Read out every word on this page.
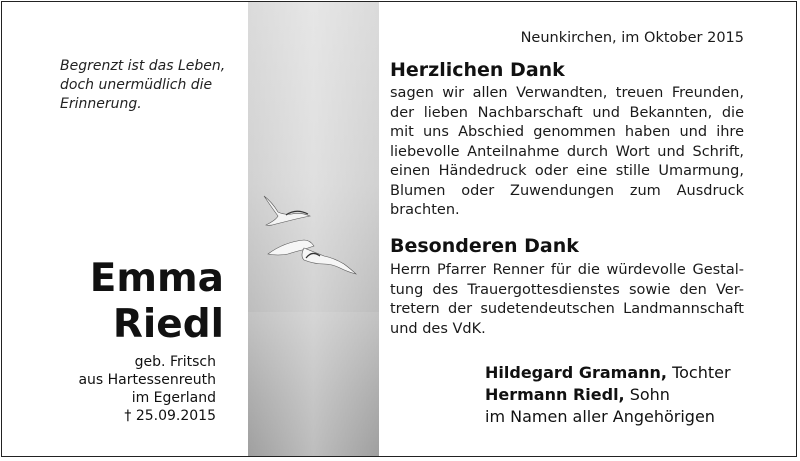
Begrenzt ist das Leben,
doch unermüdlich die
Erinnerung.
Emma
Riedl
geb. Fritsch
aus Hartessenreuth
im Egerland
† 25.09.2015
Neunkirchen, im Oktober 2015
Herzlichen Dank
sagen wir allen Verwandten, treuen Freunden,
der lieben Nachbarschaft und Bekannten, die
mit uns Abschied genommen haben und ihre
liebevolle Anteilnahme durch Wort und Schrift,
einen Händedruck oder eine stille Umarmung,
Blumen oder Zuwendungen zum Ausdruck
brachten.
Besonderen Dank
Herrn Pfarrer Renner für die würdevolle Gestal-
tung des Trauergottesdienstes sowie den Ver-
tretern der sudetendeutschen Landmannschaft
und des VdK.
Hildegard Gramann, Tochter
Hermann Riedl, Sohn
im Namen aller Angehörigen
